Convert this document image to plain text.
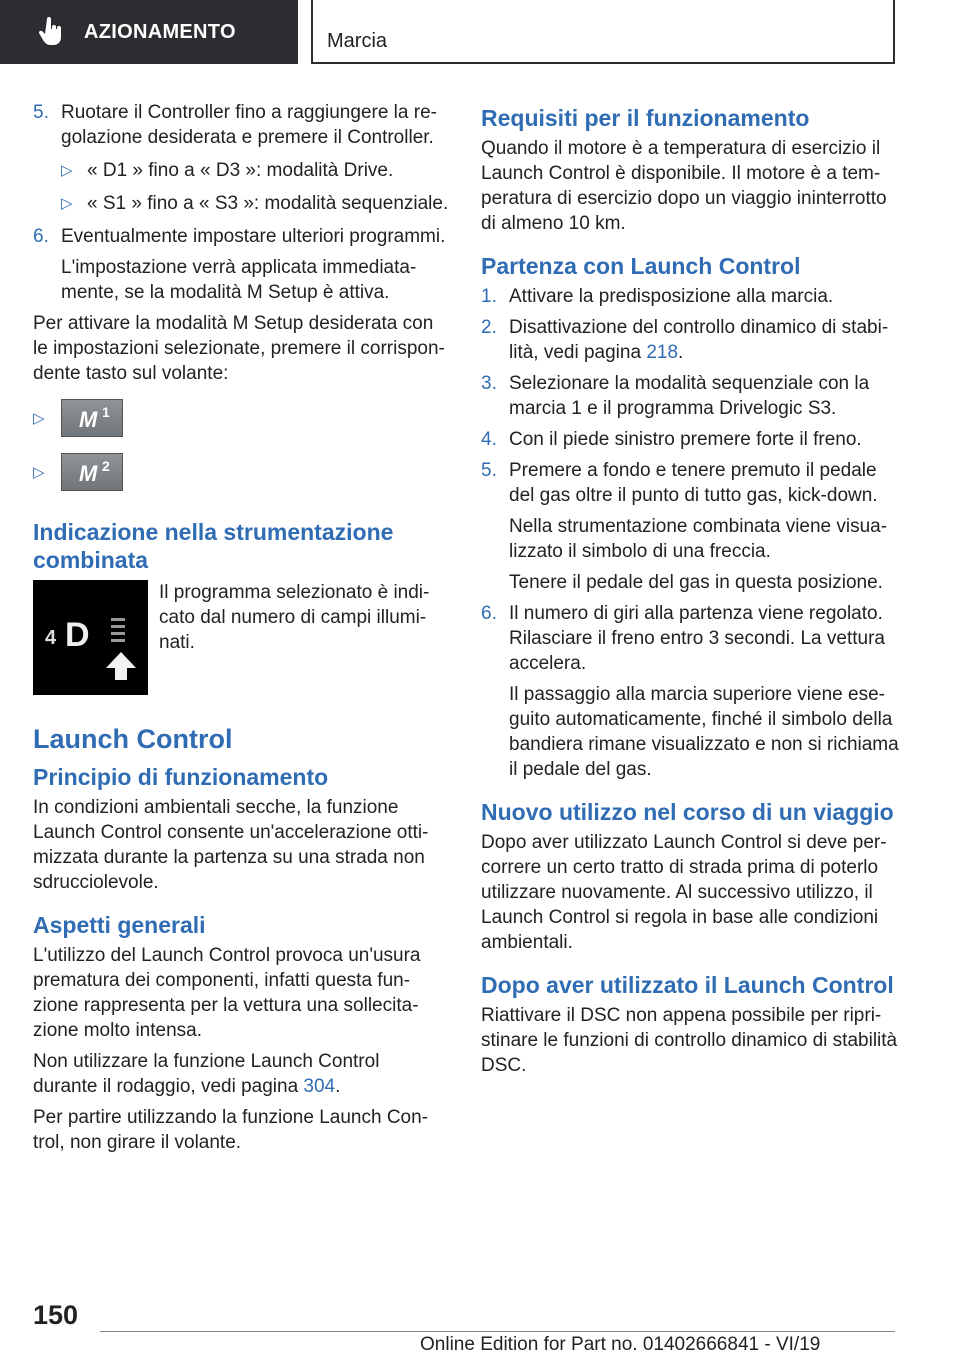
AZIONAMENTO	Marcia
5. Ruotare il Controller fino a raggiungere la regolazione desiderata e premere il Controller.
▷ « D1 » fino a « D3 »: modalità Drive.
▷ « S1 » fino a « S3 »: modalità sequenziale.
6. Eventualmente impostare ulteriori programmi.
L'impostazione verrà applicata immediatamente, se la modalità M Setup è attiva.
Per attivare la modalità M Setup desiderata con le impostazioni selezionate, premere il corrispondente tasto sul volante:
▷	M 1
▷	M 2
Indicazione nella strumentazione combinata
4 D
Il programma selezionato è indicato dal numero di campi illuminati.
Launch Control
Principio di funzionamento
In condizioni ambientali secche, la funzione Launch Control consente un'accelerazione ottimizzata durante la partenza su una strada non sdrucciolevole.
Aspetti generali
L'utilizzo del Launch Control provoca un'usura prematura dei componenti, infatti questa funzione rappresenta per la vettura una sollecitazione molto intensa.
Non utilizzare la funzione Launch Control durante il rodaggio, vedi pagina 304.
Per partire utilizzando la funzione Launch Control, non girare il volante.
Requisiti per il funzionamento
Quando il motore è a temperatura di esercizio il Launch Control è disponibile. Il motore è a temperatura di esercizio dopo un viaggio ininterrotto di almeno 10 km.
Partenza con Launch Control
1. Attivare la predisposizione alla marcia.
2. Disattivazione del controllo dinamico di stabilità, vedi pagina 218.
3. Selezionare la modalità sequenziale con la marcia 1 e il programma Drivelogic S3.
4. Con il piede sinistro premere forte il freno.
5. Premere a fondo e tenere premuto il pedale del gas oltre il punto di tutto gas, kick-down.
Nella strumentazione combinata viene visualizzato il simbolo di una freccia.
Tenere il pedale del gas in questa posizione.
6. Il numero di giri alla partenza viene regolato. Rilasciare il freno entro 3 secondi. La vettura accelera.
Il passaggio alla marcia superiore viene eseguito automaticamente, finché il simbolo della bandiera rimane visualizzato e non si richiama il pedale del gas.
Nuovo utilizzo nel corso di un viaggio
Dopo aver utilizzato Launch Control si deve percorrere un certo tratto di strada prima di poterlo utilizzare nuovamente. Al successivo utilizzo, il Launch Control si regola in base alle condizioni ambientali.
Dopo aver utilizzato il Launch Control
Riattivare il DSC non appena possibile per ripristinare le funzioni di controllo dinamico di stabilità DSC.
150
Online Edition for Part no. 01402666841 - VI/19
